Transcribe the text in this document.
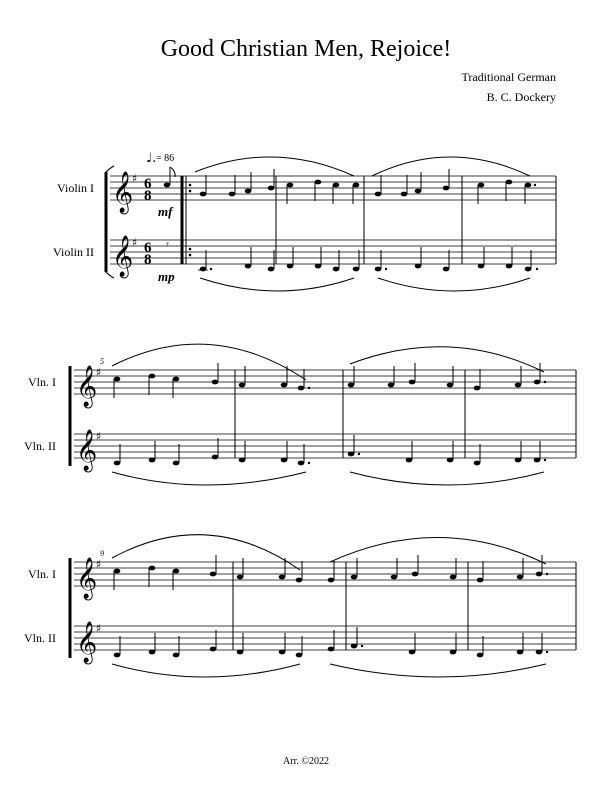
Good Christian Men, Rejoice!
Traditional German
B. C. Dockery
♩. = 86
Violin I
Violin II
𝄞
𝄞
♯
♯
6
8
6
8
mf
mp
𝄾
5
Vln. I
Vln. II
𝄞
𝄞
♯
♯
9
Vln. I
Vln. II
𝄞
𝄞
♯
♯
Arr. ©2022
